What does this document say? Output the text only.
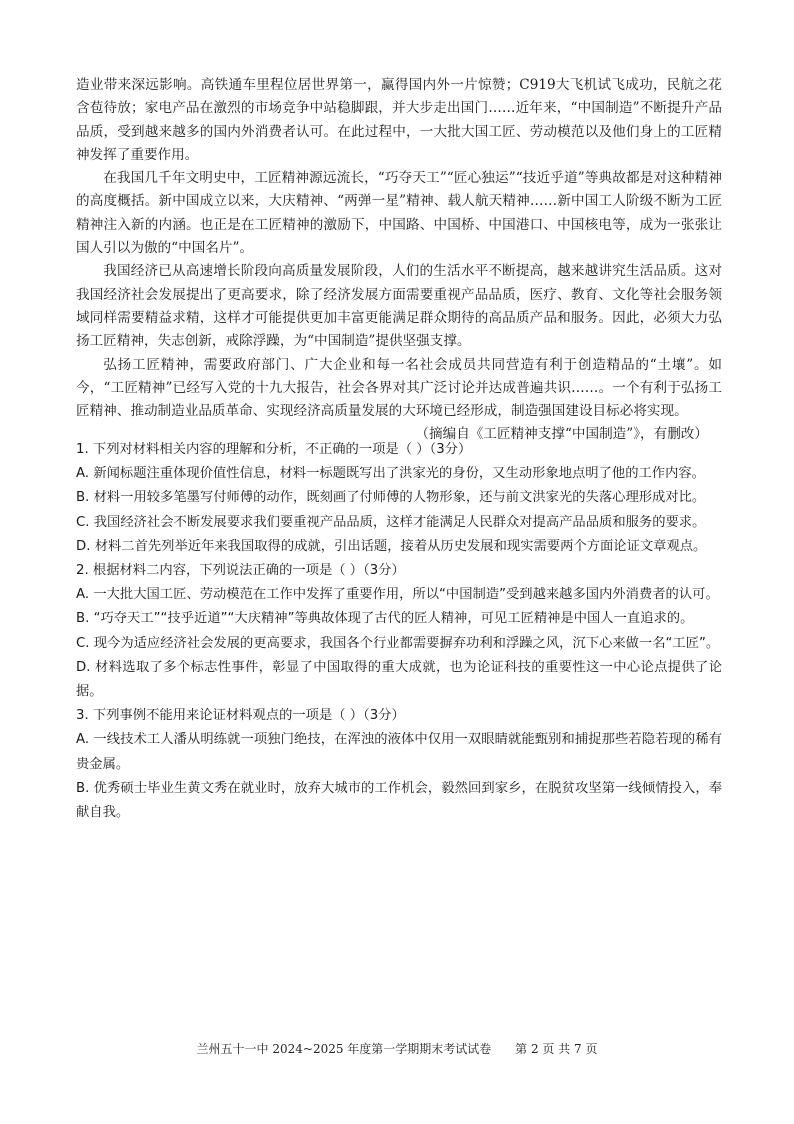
造业带来深远影响。高铁通车里程位居世界第一，赢得国内外一片惊赞；C919大飞机试飞成功，民航之花含苞待放；家电产品在激烈的市场竞争中站稳脚跟，并大步走出国门……近年来，“中国制造”不断提升产品品质，受到越来越多的国内外消费者认可。在此过程中，一大批大国工匠、劳动模范以及他们身上的工匠精神发挥了重要作用。

在我国几千年文明史中，工匠精神源远流长，“巧夺天工”“匠心独运”“技近乎道”等典故都是对这种精神的高度概括。新中国成立以来，大庆精神、“两弹一星”精神、载人航天精神……新中国工人阶级不断为工匠精神注入新的内涵。也正是在工匠精神的激励下，中国路、中国桥、中国港口、中国核电等，成为一张张让国人引以为傲的“中国名片”。

我国经济已从高速增长阶段向高质量发展阶段，人们的生活水平不断提高，越来越讲究生活品质。这对我国经济社会发展提出了更高要求，除了经济发展方面需要重视产品品质，医疗、教育、文化等社会服务领域同样需要精益求精，这样才可能提供更加丰富更能满足群众期待的高品质产品和服务。因此，必须大力弘扬工匠精神，失志创新，戒除浮躁，为“中国制造”提供坚强支撑。

弘扬工匠精神，需要政府部门、广大企业和每一名社会成员共同营造有利于创造精品的“土壤”。如今，“工匠精神”已经写入党的十九大报告，社会各界对其广泛讨论并达成普遍共识……。一个有利于弘扬工匠精神、推动制造业品质革命、实现经济高质量发展的大环境已经形成，制造强国建设目标必将实现。

（摘编自《工匠精神支撑“中国制造”》，有删改）

1. 下列对材料相关内容的理解和分析，不正确的一项是（ ）（3分）

A. 新闻标题注重体现价值性信息，材料一标题既写出了洪家光的身份，又生动形象地点明了他的工作内容。

B. 材料一用较多笔墨写付师傅的动作，既刻画了付师傅的人物形象，还与前文洪家光的失落心理形成对比。

C. 我国经济社会不断发展要求我们要重视产品品质，这样才能满足人民群众对提高产品品质和服务的要求。

D. 材料二首先列举近年来我国取得的成就，引出话题，接着从历史发展和现实需要两个方面论证文章观点。

2. 根据材料二内容，下列说法正确的一项是（ ）（3分）

A. 一大批大国工匠、劳动模范在工作中发挥了重要作用，所以“中国制造”受到越来越多国内外消费者的认可。

B. “巧夺天工”“技乎近道”“大庆精神”等典故体现了古代的匠人精神，可见工匠精神是中国人一直追求的。

C. 现今为适应经济社会发展的更高要求，我国各个行业都需要摒弃功利和浮躁之风，沉下心来做一名“工匠”。

D. 材料选取了多个标志性事件，彰显了中国取得的重大成就，也为论证科技的重要性这一中心论点提供了论据。

3. 下列事例不能用来论证材料观点的一项是（ ）（3分）

A. 一线技术工人潘从明练就一项独门绝技，在浑浊的液体中仅用一双眼睛就能甄别和捕捉那些若隐若现的稀有贵金属。

B. 优秀硕士毕业生黄文秀在就业时，放弃大城市的工作机会，毅然回到家乡，在脱贫攻坚第一线倾情投入，奉献自我。

兰州五十一中 2024~2025 年度第一学期期末考试试卷 第 2 页 共 7 页
